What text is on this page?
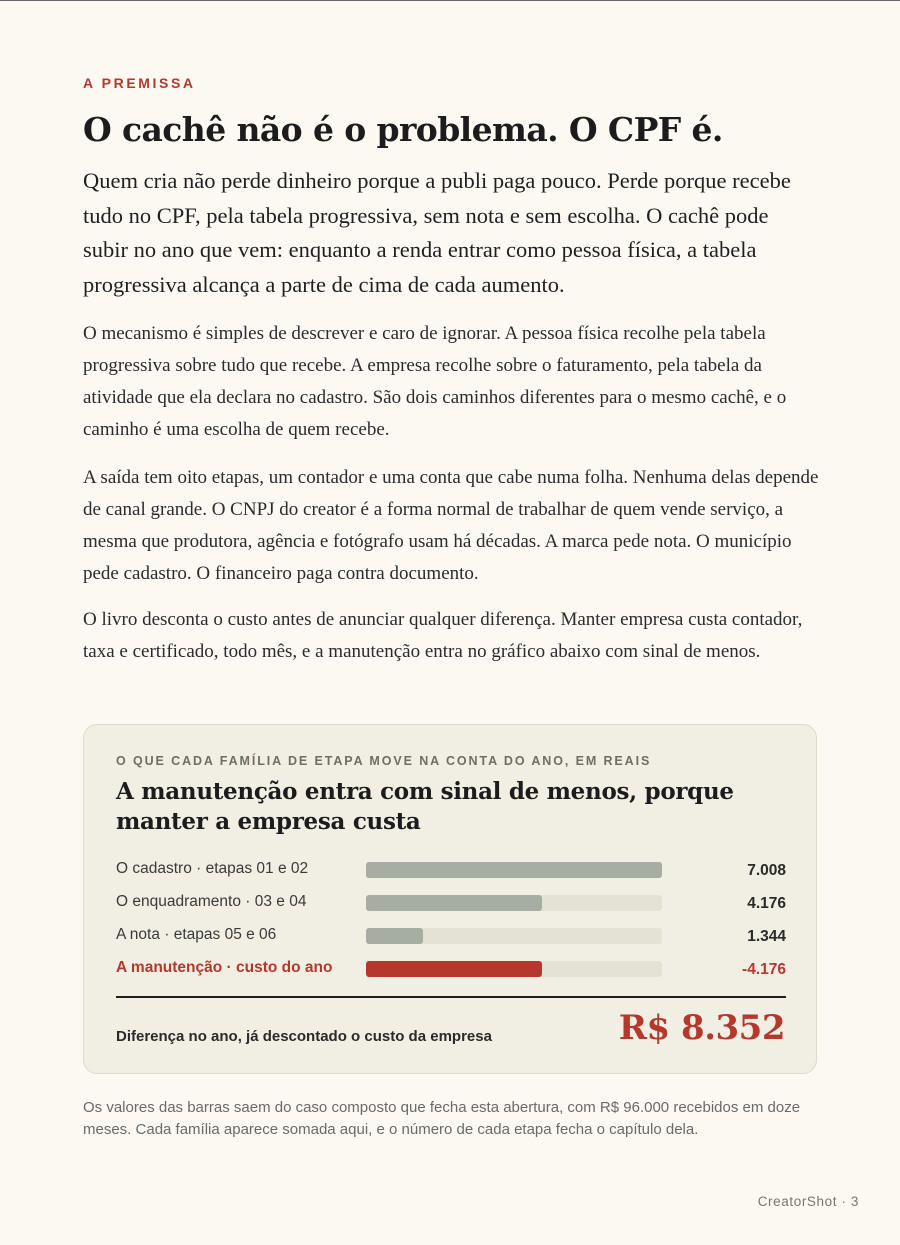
A PREMISSA
O cachê não é o problema. O CPF é.

Quem cria não perde dinheiro porque a publi paga pouco. Perde porque recebe tudo no CPF, pela tabela progressiva, sem nota e sem escolha. O cachê pode subir no ano que vem: enquanto a renda entrar como pessoa física, a tabela progressiva alcança a parte de cima de cada aumento.

O mecanismo é simples de descrever e caro de ignorar. A pessoa física recolhe pela tabela progressiva sobre tudo que recebe. A empresa recolhe sobre o faturamento, pela tabela da atividade que ela declara no cadastro. São dois caminhos diferentes para o mesmo cachê, e o caminho é uma escolha de quem recebe.

A saída tem oito etapas, um contador e uma conta que cabe numa folha. Nenhuma delas depende de canal grande. O CNPJ do creator é a forma normal de trabalhar de quem vende serviço, a mesma que produtora, agência e fotógrafo usam há décadas. A marca pede nota. O município pede cadastro. O financeiro paga contra documento.

O livro desconta o custo antes de anunciar qualquer diferença. Manter empresa custa contador, taxa e certificado, todo mês, e a manutenção entra no gráfico abaixo com sinal de menos.

O QUE CADA FAMÍLIA DE ETAPA MOVE NA CONTA DO ANO, EM REAIS
A manutenção entra com sinal de menos, porque manter a empresa custa
O cadastro · etapas 01 e 02	7.008
O enquadramento · 03 e 04	4.176
A nota · etapas 05 e 06	1.344
A manutenção · custo do ano	-4.176
Diferença no ano, já descontado o custo da empresa	R$ 8.352

Os valores das barras saem do caso composto que fecha esta abertura, com R$ 96.000 recebidos em doze meses. Cada família aparece somada aqui, e o número de cada etapa fecha o capítulo dela.

CreatorShot · 3
